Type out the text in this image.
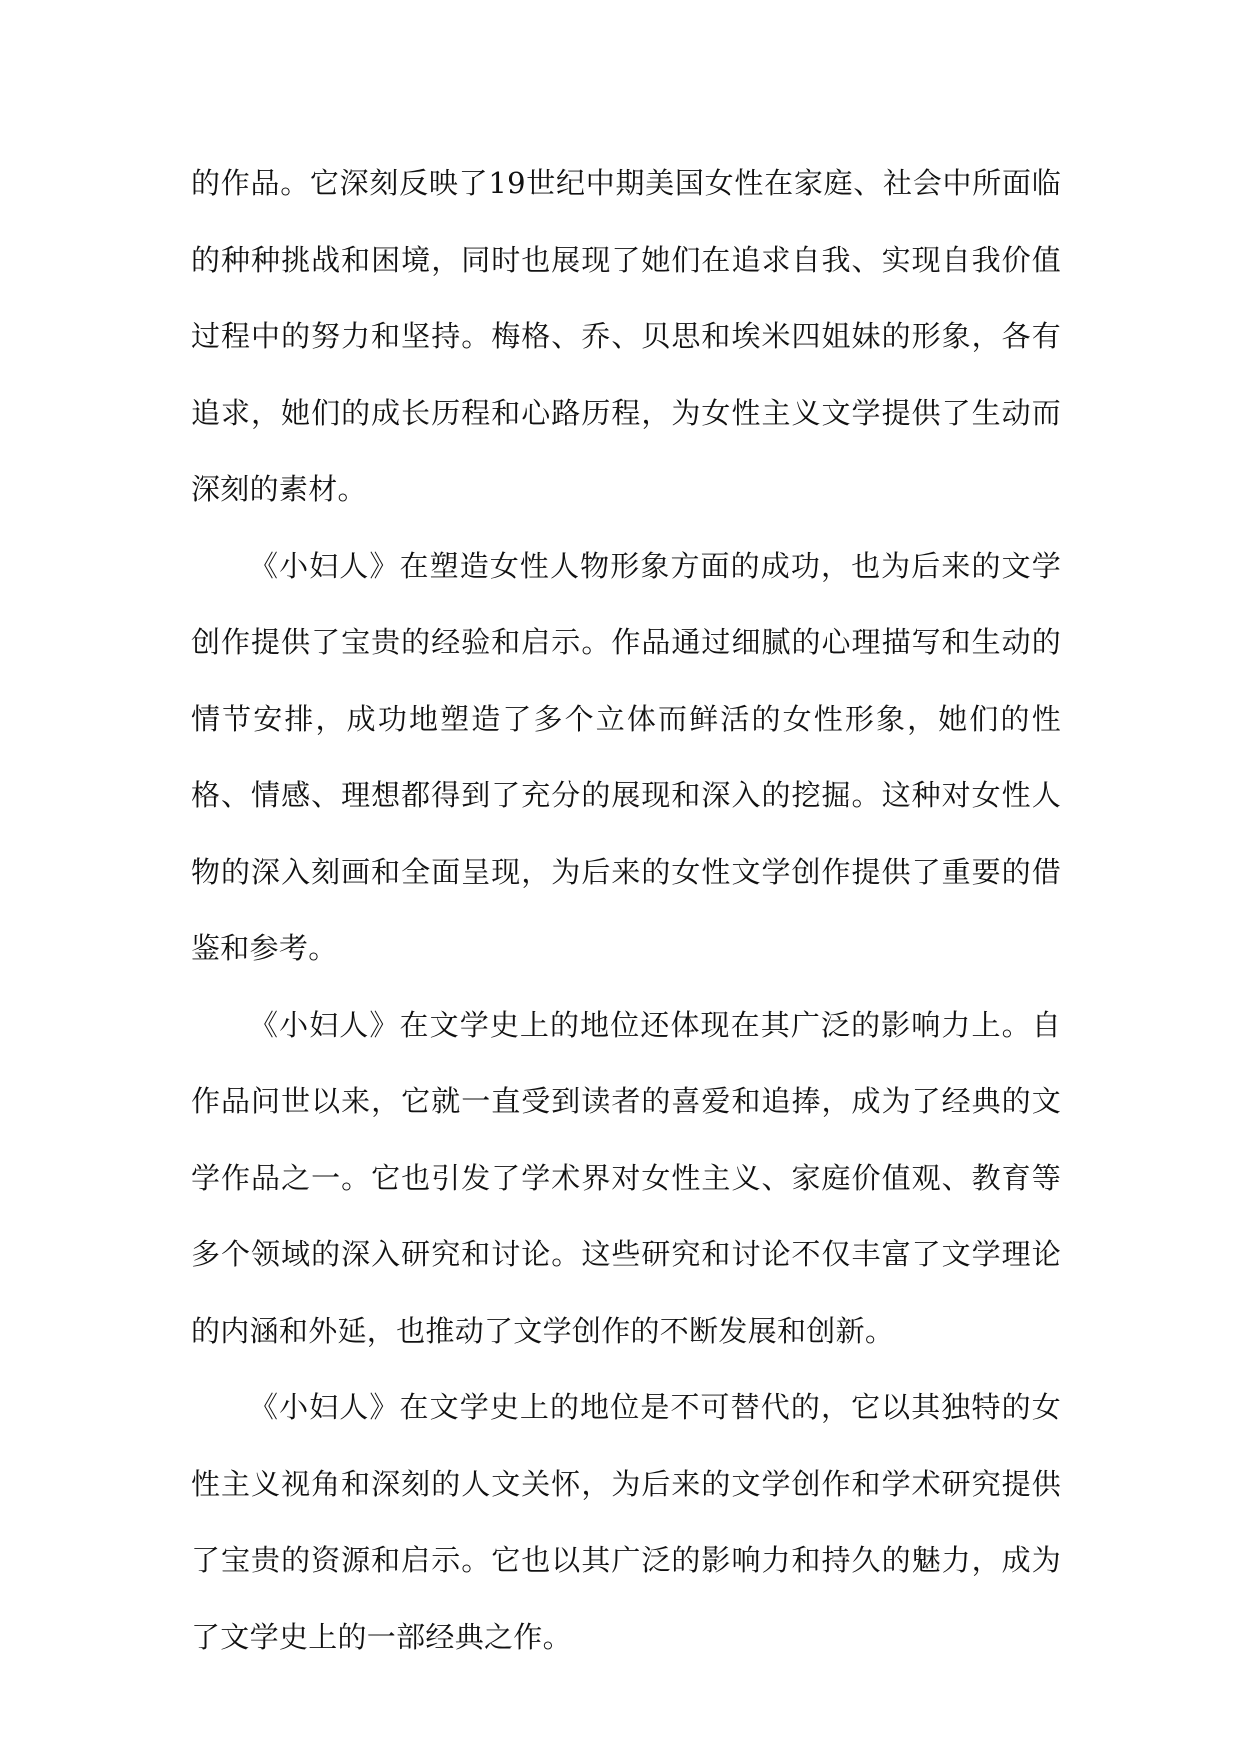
的作品。它深刻反映了19世纪中期美国女性在家庭、社会中所面临的种种挑战和困境，同时也展现了她们在追求自我、实现自我价值过程中的努力和坚持。梅格、乔、贝思和埃米四姐妹的形象，各有追求，她们的成长历程和心路历程，为女性主义文学提供了生动而深刻的素材。

《小妇人》在塑造女性人物形象方面的成功，也为后来的文学创作提供了宝贵的经验和启示。作品通过细腻的心理描写和生动的情节安排，成功地塑造了多个立体而鲜活的女性形象，她们的性格、情感、理想都得到了充分的展现和深入的挖掘。这种对女性人物的深入刻画和全面呈现，为后来的女性文学创作提供了重要的借鉴和参考。

《小妇人》在文学史上的地位还体现在其广泛的影响力上。自作品问世以来，它就一直受到读者的喜爱和追捧，成为了经典的文学作品之一。它也引发了学术界对女性主义、家庭价值观、教育等多个领域的深入研究和讨论。这些研究和讨论不仅丰富了文学理论的内涵和外延，也推动了文学创作的不断发展和创新。

《小妇人》在文学史上的地位是不可替代的，它以其独特的女性主义视角和深刻的人文关怀，为后来的文学创作和学术研究提供了宝贵的资源和启示。它也以其广泛的影响力和持久的魅力，成为了文学史上的一部经典之作。
